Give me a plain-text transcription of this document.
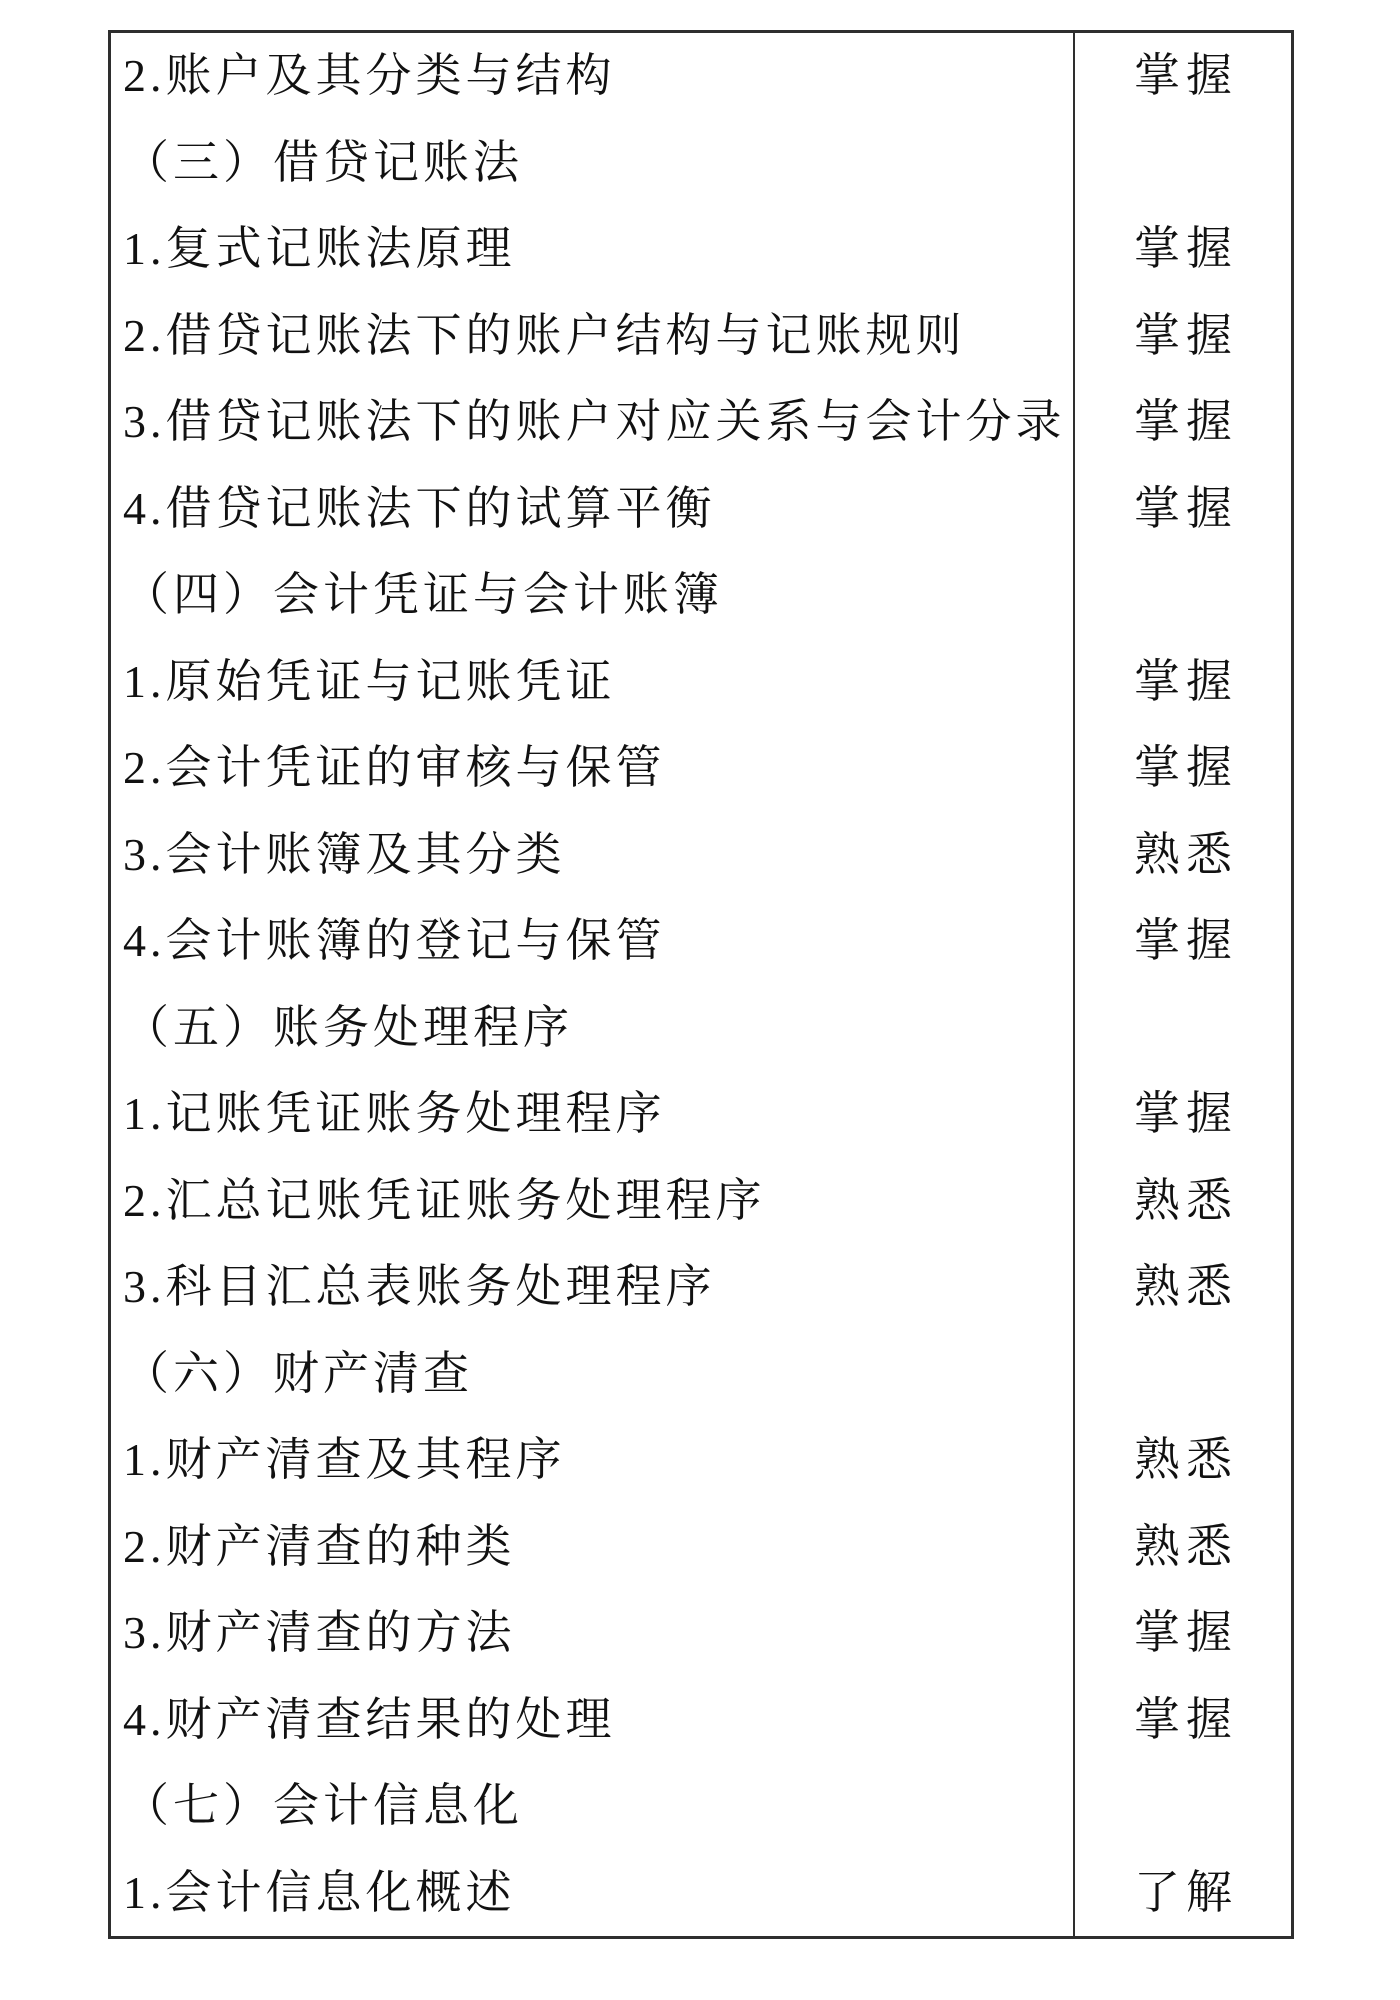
2.账户及其分类与结构	掌握
（三）借贷记账法
1.复式记账法原理	掌握
2.借贷记账法下的账户结构与记账规则	掌握
3.借贷记账法下的账户对应关系与会计分录	掌握
4.借贷记账法下的试算平衡	掌握
（四）会计凭证与会计账簿
1.原始凭证与记账凭证	掌握
2.会计凭证的审核与保管	掌握
3.会计账簿及其分类	熟悉
4.会计账簿的登记与保管	掌握
（五）账务处理程序
1.记账凭证账务处理程序	掌握
2.汇总记账凭证账务处理程序	熟悉
3.科目汇总表账务处理程序	熟悉
（六）财产清查
1.财产清查及其程序	熟悉
2.财产清查的种类	熟悉
3.财产清查的方法	掌握
4.财产清查结果的处理	掌握
（七）会计信息化
1.会计信息化概述	了解
